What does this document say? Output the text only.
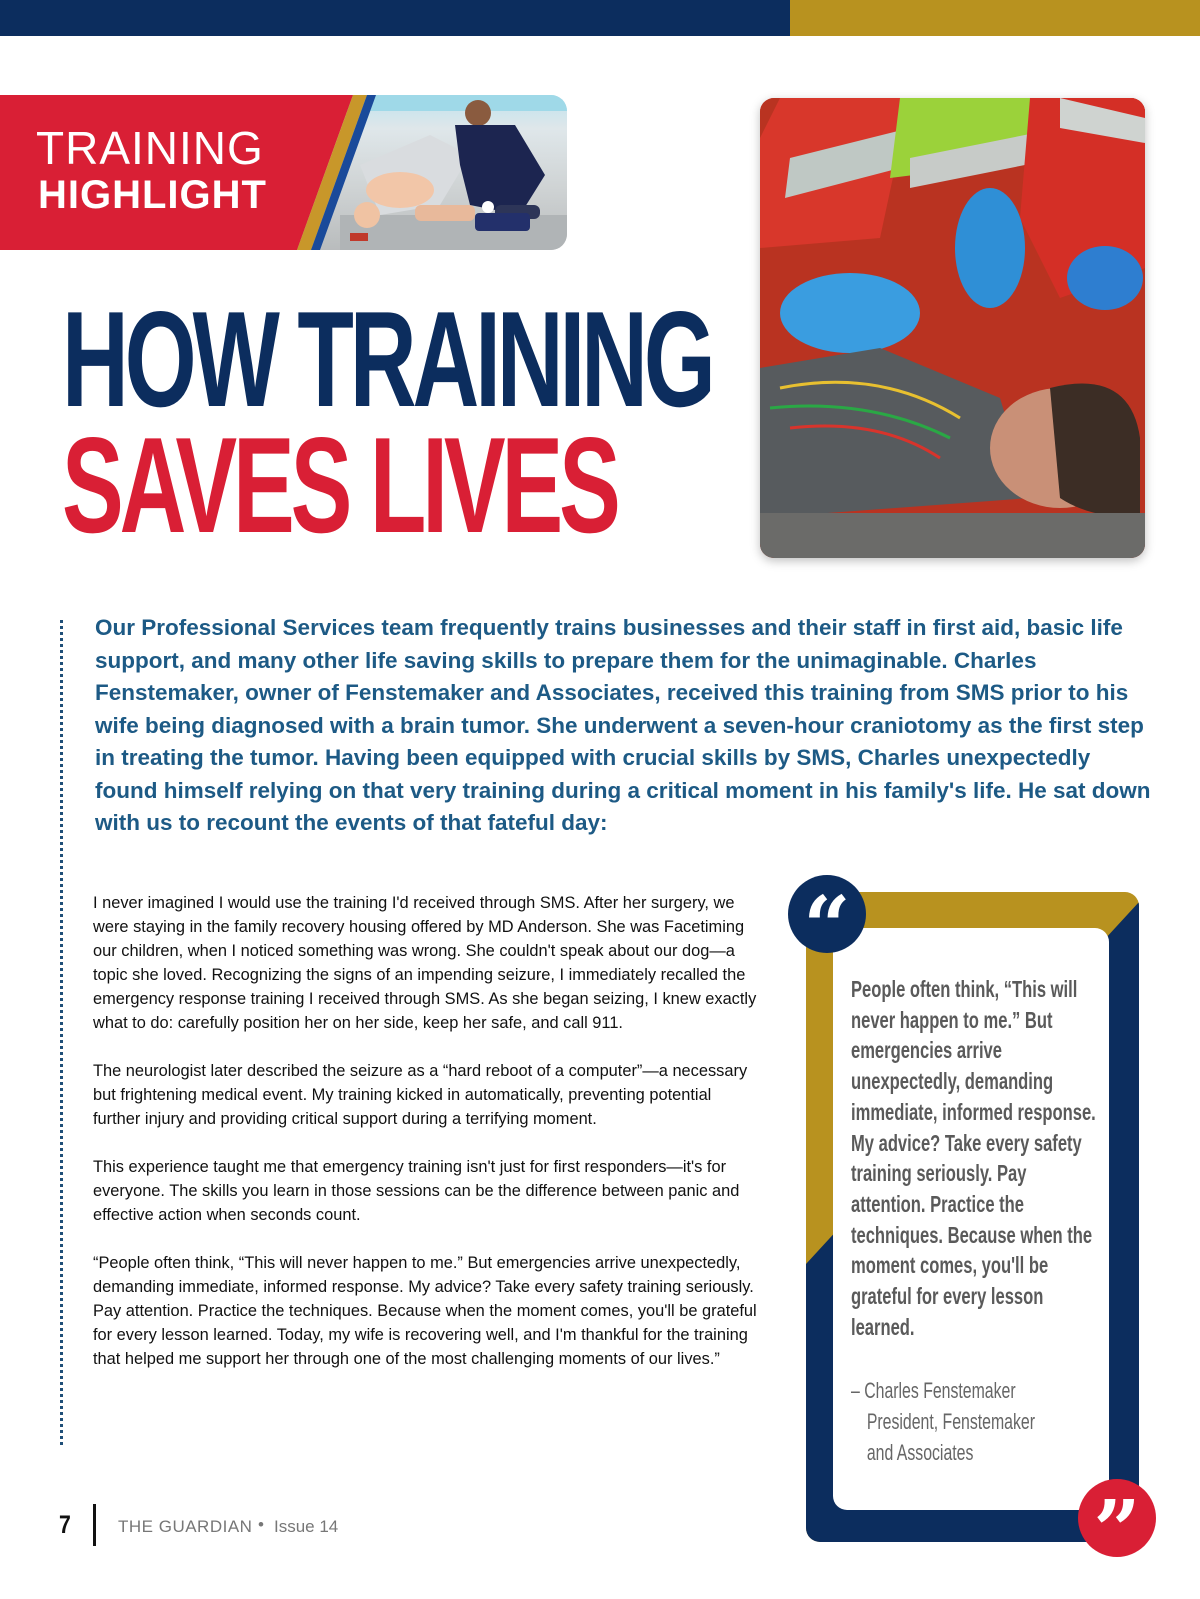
TRAINING
HIGHLIGHT
HOW TRAINING
SAVES LIVES

Our Professional Services team frequently trains businesses and their staff in first aid, basic life support, and many other life saving skills to prepare them for the unimaginable. Charles Fenstemaker, owner of Fenstemaker and Associates, received this training from SMS prior to his wife being diagnosed with a brain tumor. She underwent a seven-hour craniotomy as the first step in treating the tumor. Having been equipped with crucial skills by SMS, Charles unexpectedly found himself relying on that very training during a critical moment in his family's life. He sat down with us to recount the events of that fateful day:

I never imagined I would use the training I'd received through SMS. After her surgery, we were staying in the family recovery housing offered by MD Anderson. She was Facetiming our children, when I noticed something was wrong. She couldn't speak about our dog—a topic she loved. Recognizing the signs of an impending seizure, I immediately recalled the emergency response training I received through SMS. As she began seizing, I knew exactly what to do: carefully position her on her side, keep her safe, and call 911.

The neurologist later described the seizure as a “hard reboot of a computer”—a necessary but frightening medical event. My training kicked in automatically, preventing potential further injury and providing critical support during a terrifying moment.

This experience taught me that emergency training isn't just for first responders—it's for everyone. The skills you learn in those sessions can be the difference between panic and effective action when seconds count.

“People often think, “This will never happen to me.” But emergencies arrive unexpectedly, demanding immediate, informed response. My advice? Take every safety training seriously. Pay attention. Practice the techniques. Because when the moment comes, you'll be grateful for every lesson learned. Today, my wife is recovering well, and I'm thankful for the training that helped me support her through one of the most challenging moments of our lives.”

“

People often think, “This will never happen to me.” But emergencies arrive unexpectedly, demanding immediate, informed response. My advice? Take every safety training seriously. Pay attention. Practice the techniques. Because when the moment comes, you'll be grateful for every lesson learned.

– Charles Fenstemaker
President, Fenstemaker
and Associates
”
7	THE GUARDIAN • Issue 14
